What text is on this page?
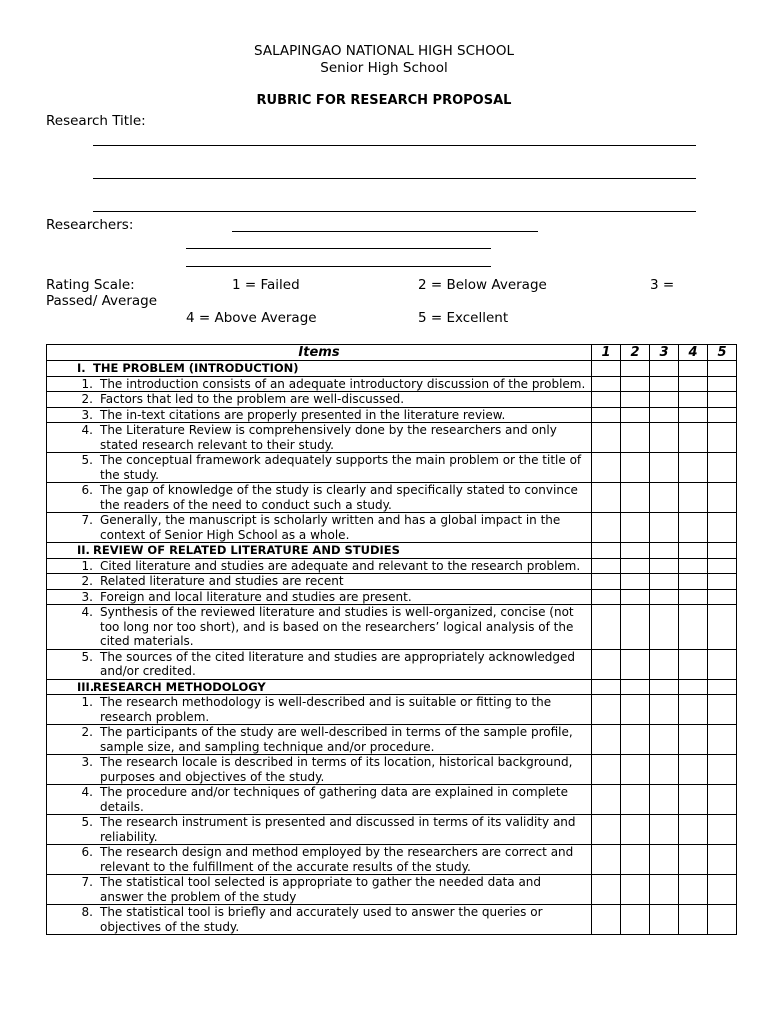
SALAPINGAO NATIONAL HIGH SCHOOL
Senior High School
RUBRIC FOR RESEARCH PROPOSAL
Research Title:
Researchers:
Rating Scale:	1 = Failed	2 = Below Average	3 =
Passed/ Average
4 = Above Average	5 = Excellent
Items	1	2	3	4	5
I. THE PROBLEM (INTRODUCTION)					

1. The introduction consists of an adequate introductory discussion of the problem.					

2. Factors that led to the problem are well-discussed.					

3. The in-text citations are properly presented in the literature review.					

4. The Literature Review is comprehensively done by the researchers and only stated research relevant to their study.					

5. The conceptual framework adequately supports the main problem or the title of the study.					

6. The gap of knowledge of the study is clearly and specifically stated to convince the readers of the need to conduct such a study.					

7. Generally, the manuscript is scholarly written and has a global impact in the context of Senior High School as a whole.					

II. REVIEW OF RELATED LITERATURE AND STUDIES					

1. Cited literature and studies are adequate and relevant to the research problem.					

2. Related literature and studies are recent					

3. Foreign and local literature and studies are present.					

4. Synthesis of the reviewed literature and studies is well-organized, concise (not too long nor too short), and is based on the researchers’ logical analysis of the cited materials.					

5. The sources of the cited literature and studies are appropriately acknowledged and/or credited.					

III.RESEARCH METHODOLOGY					

1. The research methodology is well-described and is suitable or fitting to the research problem.					

2. The participants of the study are well-described in terms of the sample profile, sample size, and sampling technique and/or procedure.					

3. The research locale is described in terms of its location, historical background, purposes and objectives of the study.					

4. The procedure and/or techniques of gathering data are explained in complete details.					

5. The research instrument is presented and discussed in terms of its validity and reliability.					

6. The research design and method employed by the researchers are correct and relevant to the fulfillment of the accurate results of the study.					

7. The statistical tool selected is appropriate to gather the needed data and answer the problem of the study					

8. The statistical tool is briefly and accurately used to answer the queries or objectives of the study.					
